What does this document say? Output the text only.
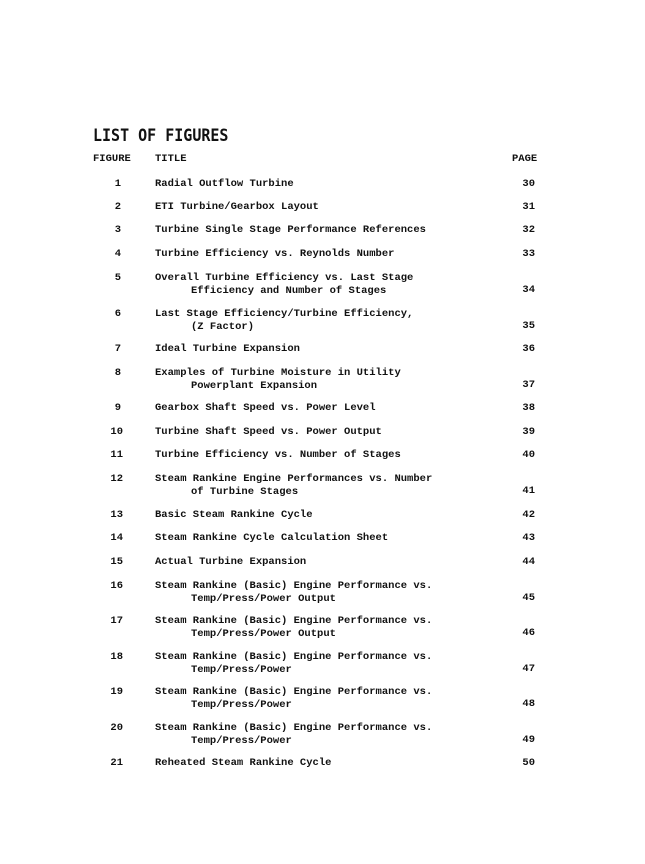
LIST OF FIGURES
FIGURE TITLE	PAGE
1	Radial Outflow Turbine	30
2	ETI Turbine/Gearbox Layout	31
3	Turbine Single Stage Performance References	32
4	Turbine Efficiency vs. Reynolds Number	33
5	Overall Turbine Efficiency vs. Last Stage
Efficiency and Number of Stages	34
6	Last Stage Efficiency/Turbine Efficiency,
(Z Factor)	35
7	Ideal Turbine Expansion	36
8	Examples of Turbine Moisture in Utility
Powerplant Expansion	37
9	Gearbox Shaft Speed vs. Power Level	38
10	Turbine Shaft Speed vs. Power Output	39
11	Turbine Efficiency vs. Number of Stages	40
12	Steam Rankine Engine Performances vs. Number
of Turbine Stages	41
13	Basic Steam Rankine Cycle	42
14	Steam Rankine Cycle Calculation Sheet	43
15	Actual Turbine Expansion	44
16	Steam Rankine (Basic) Engine Performance vs.
Temp/Press/Power Output	45
17	Steam Rankine (Basic) Engine Performance vs.
Temp/Press/Power Output	46
18	Steam Rankine (Basic) Engine Performance vs.
Temp/Press/Power	47
19	Steam Rankine (Basic) Engine Performance vs.
Temp/Press/Power	48
20	Steam Rankine (Basic) Engine Performance vs.
Temp/Press/Power	49
21	Reheated Steam Rankine Cycle	50
